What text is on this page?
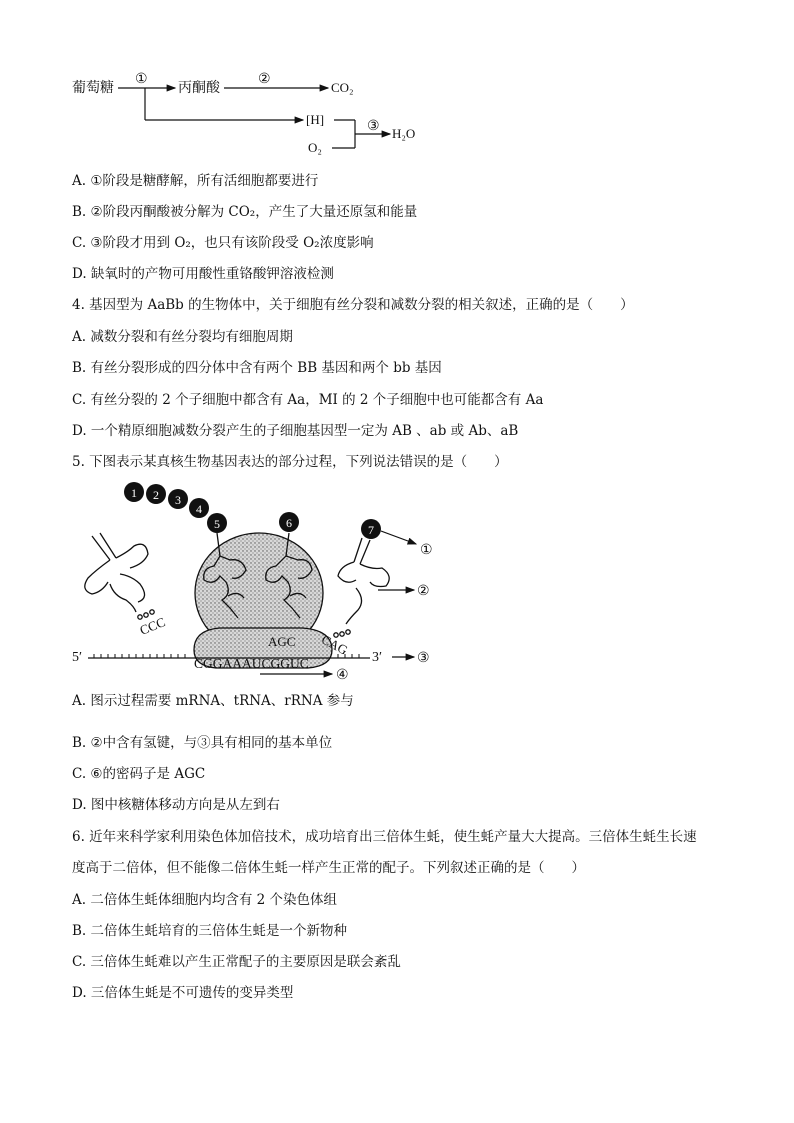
葡萄糖
①
丙酮酸
②
CO₂
[H]
O₂
③ H₂O
A. ①阶段是糖酵解，所有活细胞都要进行
B. ②阶段丙酮酸被分解为 CO₂，产生了大量还原氢和能量
C. ③阶段才用到 O₂，也只有该阶段受 O₂浓度影响
D. 缺氧时的产物可用酸性重铬酸钾溶液检测
4. 基因型为 AaBb 的生物体中，关于细胞有丝分裂和减数分裂的相关叙述，正确的是（　　）
A. 减数分裂和有丝分裂均有细胞周期
B. 有丝分裂形成的四分体中含有两个 BB 基因和两个 bb 基因
C. 有丝分裂的 2 个子细胞中都含有 Aa，MI 的 2 个子细胞中也可能都含有 Aa
D. 一个精原细胞减数分裂产生的子细胞基因型一定为 AB 、ab 或 Ab、aB
5. 下图表示某真核生物基因表达的部分过程，下列说法错误的是（　　）
1 2 3
4
5	6	7
CCC
AGC CAG
5′	CGGAAAUCGGUC	3′ ③
④
①
②
A. 图示过程需要 mRNA、tRNA、rRNA 参与
B. ②中含有氢键，与③具有相同的基本单位
C. ⑥的密码子是 AGC
D. 图中核糖体移动方向是从左到右
6. 近年来科学家利用染色体加倍技术，成功培育出三倍体生蚝，使生蚝产量大大提高。三倍体生蚝生长速
度高于二倍体，但不能像二倍体生蚝一样产生正常的配子。下列叙述正确的是（　　）
A. 二倍体生蚝体细胞内均含有 2 个染色体组
B. 二倍体生蚝培育的三倍体生蚝是一个新物种
C. 三倍体生蚝难以产生正常配子的主要原因是联会紊乱
D. 三倍体生蚝是不可遗传的变异类型
